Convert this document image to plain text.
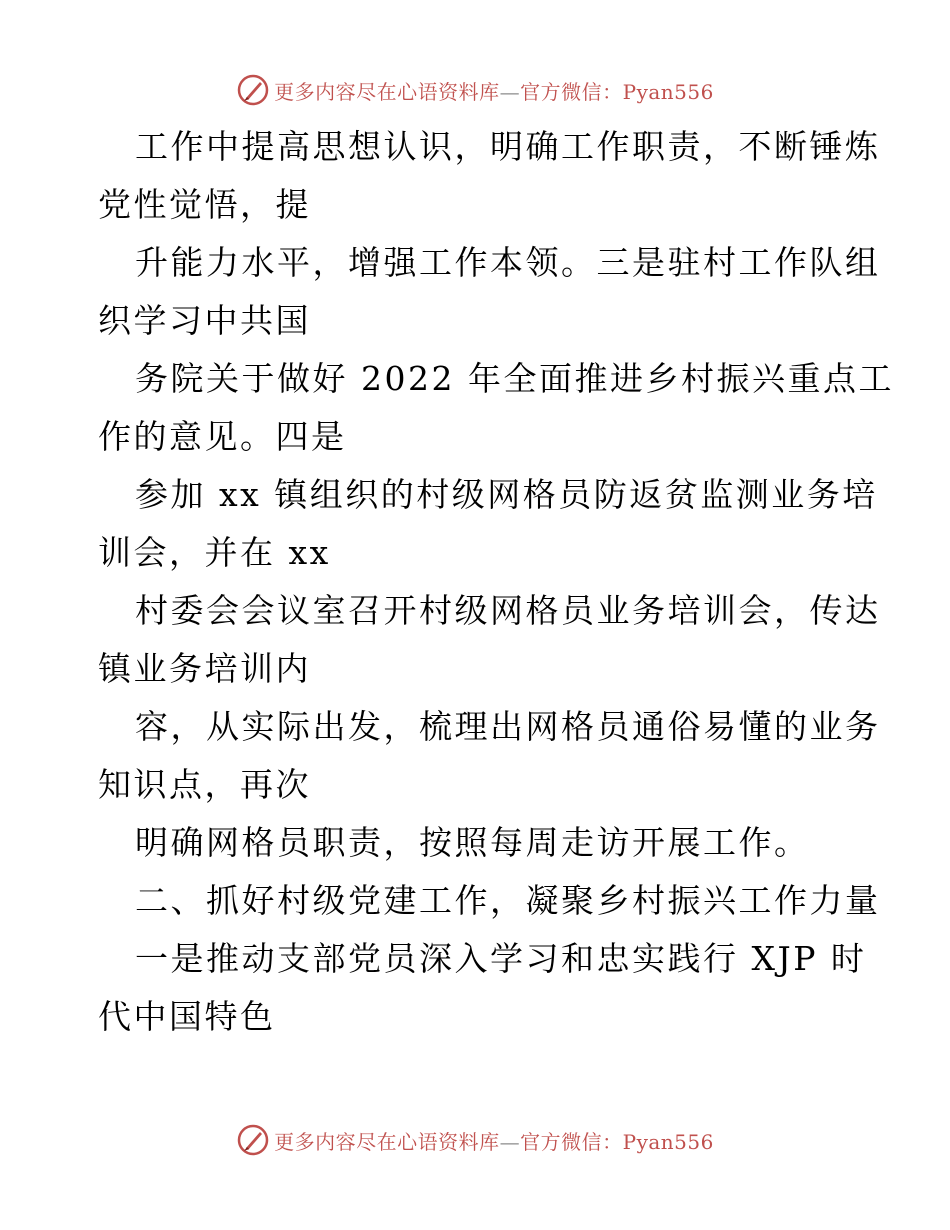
更多内容尽在心语资料库—官方微信：Pyan556
工作中提高思想认识，明确工作职责，不断锤炼
党性觉悟，提
升能力水平，增强工作本领。三是驻村工作队组
织学习中共国
务院关于做好 2022 年全面推进乡村振兴重点工
作的意见。四是
参加 xx 镇组织的村级网格员防返贫监测业务培
训会，并在 xx
村委会会议室召开村级网格员业务培训会，传达
镇业务培训内
容，从实际出发，梳理出网格员通俗易懂的业务
知识点，再次
明确网格员职责，按照每周走访开展工作。
二、抓好村级党建工作，凝聚乡村振兴工作力量
一是推动支部党员深入学习和忠实践行 XJP 时
代中国特色
更多内容尽在心语资料库—官方微信：Pyan556
